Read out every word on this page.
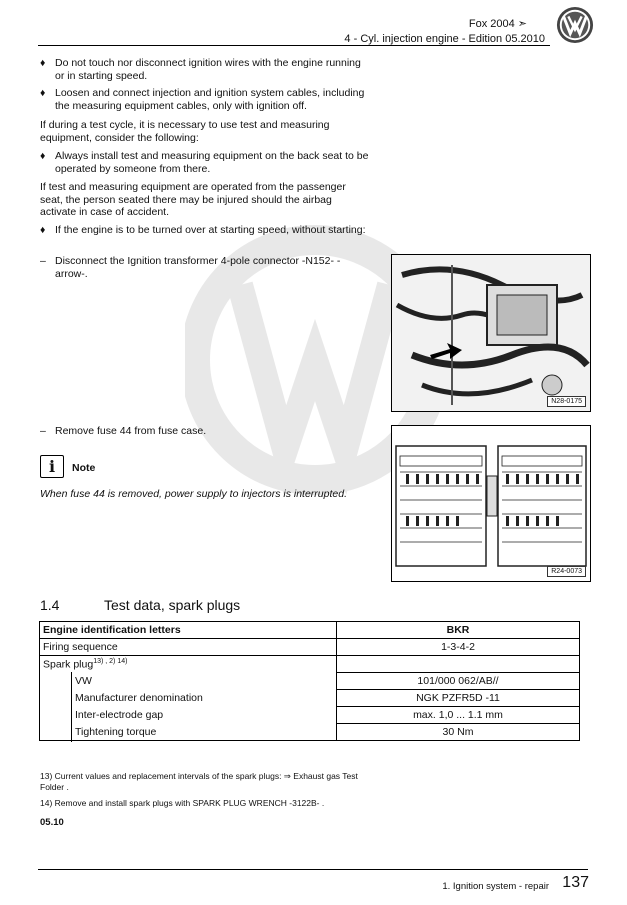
Fox 2004 ➣
4 - Cyl. injection engine - Edition 05.2010
♦ Do not touch nor disconnect ignition wires with the engine running or in starting speed.
♦ Loosen and connect injection and ignition system cables, including the measuring equipment cables, only with ignition off.
If during a test cycle, it is necessary to use test and measuring equipment, consider the following:
♦ Always install test and measuring equipment on the back seat to be operated by someone from there.
If test and measuring equipment are operated from the passenger seat, the person seated there may be injured should the airbag activate in case of accident.
♦ If the engine is to be turned over at starting speed, without starting:
– Disconnect the Ignition transformer 4-pole connector -N152- -arrow-.
– Remove fuse 44 from fuse case.
i	Note
When fuse 44 is removed, power supply to injectors is interrupted.
N28-0175
R24-0073
1.4	Test data, spark plugs
Engine identification letters	BKR
Firing sequence	1-3-4-2
Spark plug$^{13) , 2) 14)}$	
VW	101/000 062/AB//
Manufacturer denomination	NGK PZFR5D -11
Inter-electrode gap	max. 1,0 ... 1.1 mm
Tightening torque	30 Nm
13) Current values and replacement intervals of the spark plugs: ⇒ Exhaust gas Test Folder .
14) Remove and install spark plugs with SPARK PLUG WRENCH -3122B- .
05.10
1. Ignition system - repair 137
